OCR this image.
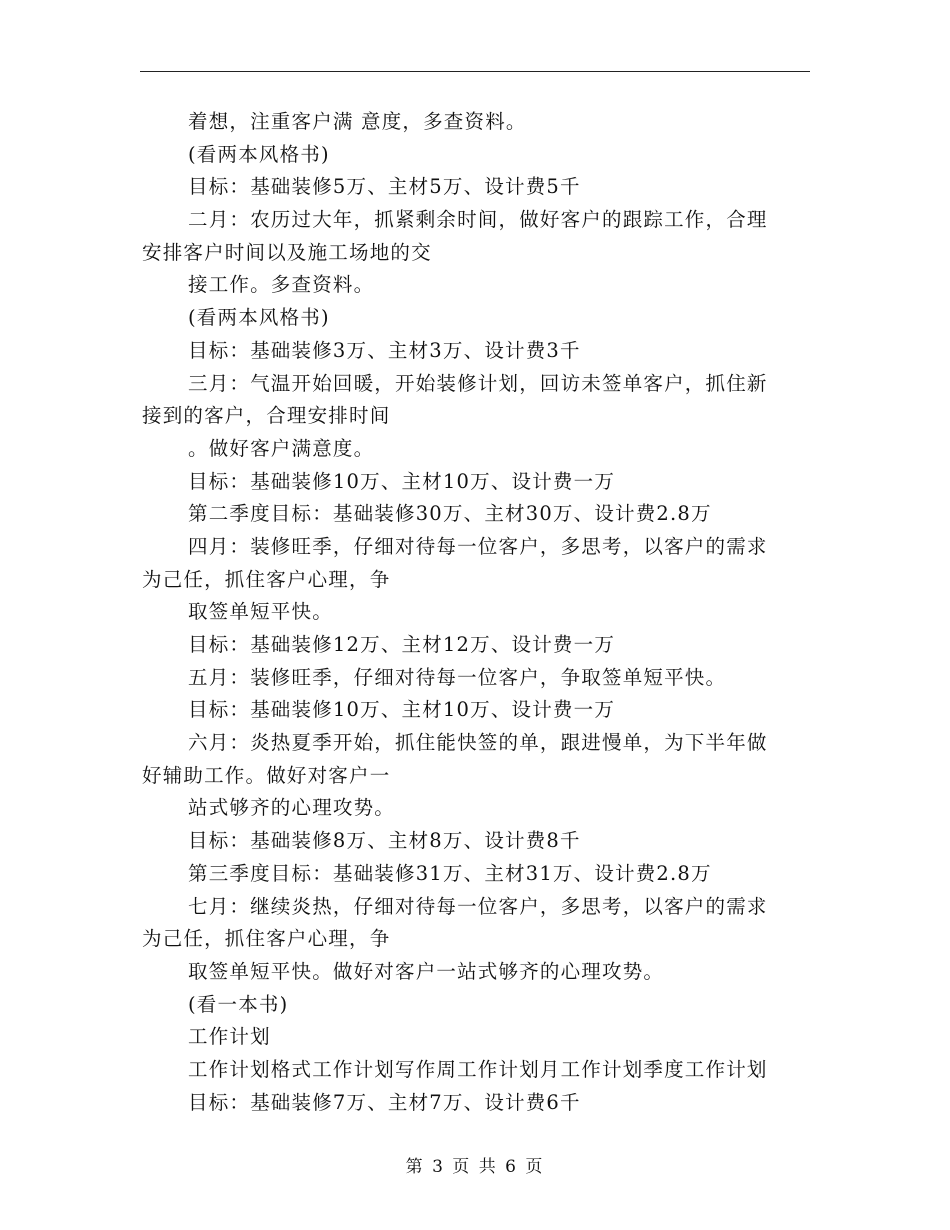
着想，注重客户满 意度，多查资料。
(看两本风格书)
目标：基础装修5万、主材5万、设计费5千
二月：农历过大年，抓紧剩余时间，做好客户的跟踪工作，合理
安排客户时间以及施工场地的交
接工作。多查资料。
(看两本风格书)
目标：基础装修3万、主材3万、设计费3千
三月：气温开始回暖，开始装修计划，回访未签单客户，抓住新
接到的客户，合理安排时间
。做好客户满意度。
目标：基础装修10万、主材10万、设计费一万
第二季度目标：基础装修30万、主材30万、设计费2.8万
四月：装修旺季，仔细对待每一位客户，多思考，以客户的需求
为己任，抓住客户心理，争
取签单短平快。
目标：基础装修12万、主材12万、设计费一万
五月：装修旺季，仔细对待每一位客户，争取签单短平快。
目标：基础装修10万、主材10万、设计费一万
六月：炎热夏季开始，抓住能快签的单，跟进慢单，为下半年做
好辅助工作。做好对客户一
站式够齐的心理攻势。
目标：基础装修8万、主材8万、设计费8千
第三季度目标：基础装修31万、主材31万、设计费2.8万
七月：继续炎热，仔细对待每一位客户，多思考，以客户的需求
为己任，抓住客户心理，争
取签单短平快。做好对客户一站式够齐的心理攻势。
(看一本书)
工作计划
工作计划格式工作计划写作周工作计划月工作计划季度工作计划
目标：基础装修7万、主材7万、设计费6千
第 3 页 共 6 页
